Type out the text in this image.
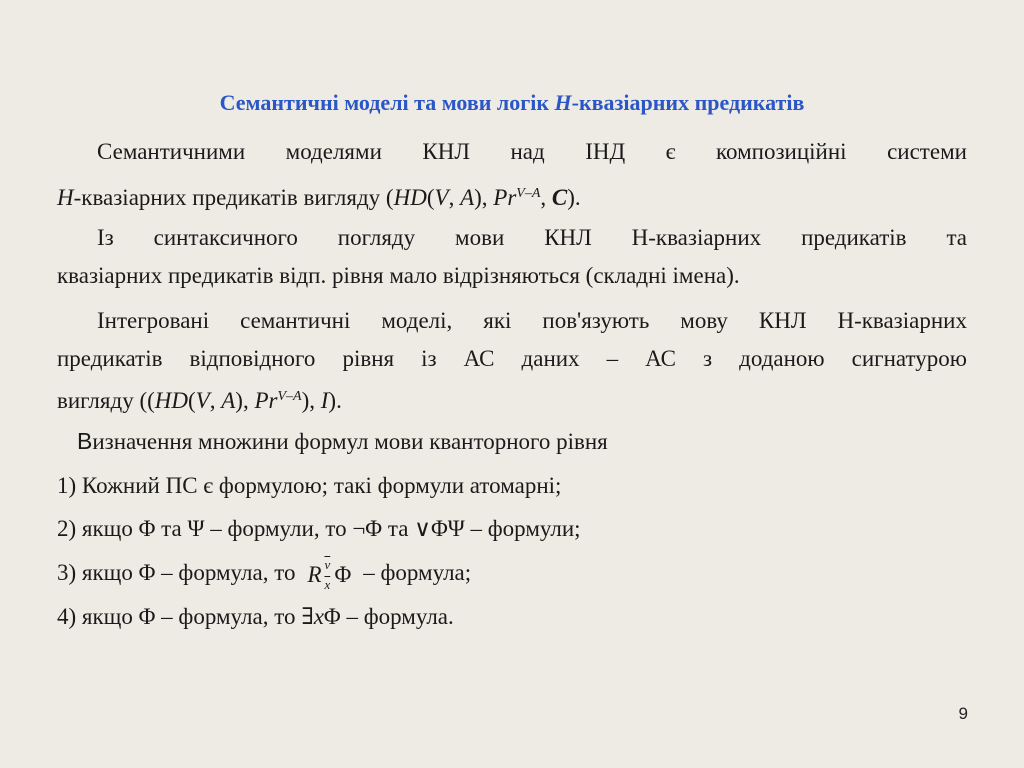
Семантичні моделі та мови логік H-квазіарних предикатів
Семантичними моделями КНЛ над ІНД є композиційні системи
H-квазіарних предикатів вигляду (HD(V, A), $Pr^{V-A}$, C).
Із синтаксичного погляду мови КНЛ H-квазіарних предикатів та
квазіарних предикатів відп. рівня мало відрізняються (складні імена).
Інтегровані семантичні моделі, які пов'язують мову КНЛ H-квазіарних
предикатів відповідного рівня із АС даних – АС з доданою сигнатурою
вигляду ((HD(V, A), $Pr^{V-A}$), I).
Визначення множини формул мови кванторного рівня
1) Кожний ПС є формулою; такі формули атомарні;
2) якщо Φ та Ψ – формули, то ¬Φ та ∨ΦΨ – формули;
3) якщо Φ – формула, то R $\overline{v}$
$\overline{x}$ Φ – формула;
4) якщо Φ – формула, то ∃xΦ – формула.
9
